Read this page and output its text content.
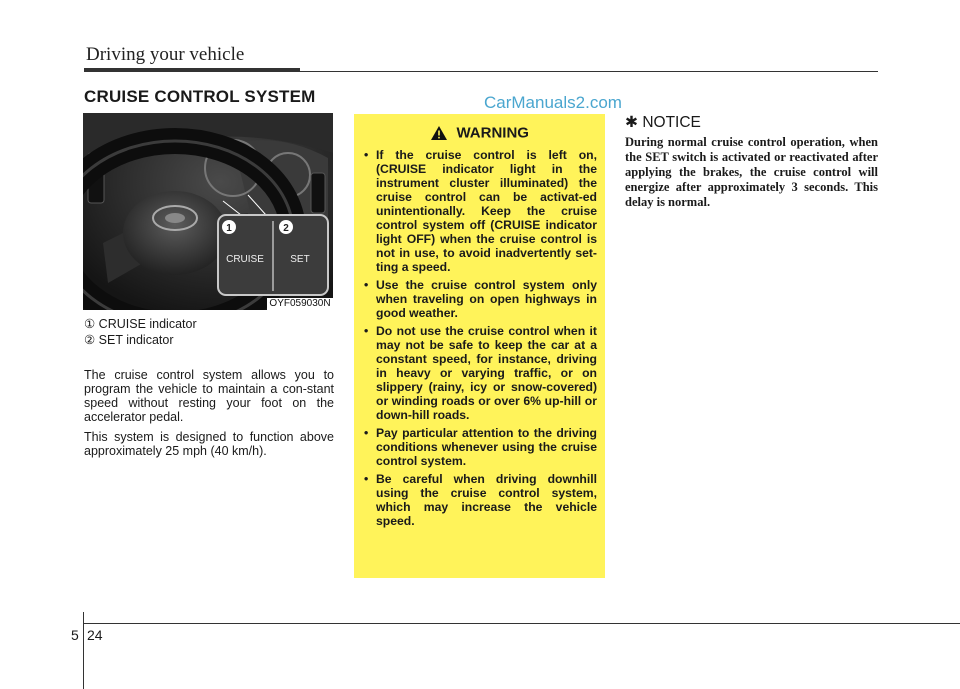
Driving your vehicle
CRUISE CONTROL SYSTEM	CarManuals2.com
1	2
CRUISE	SET
OYF059030N
① CRUISE indicator
② SET indicator
The cruise control system allows you to program the vehicle to maintain a con-stant speed without resting your foot on the accelerator pedal.
This system is designed to function above approximately 25 mph (40 km/h).
WARNING
• If the cruise control is left on, (CRUISE indicator light in the instrument cluster illuminated) the cruise control can be activat-ed unintentionally. Keep the cruise control system off (CRUISE indicator light OFF) when the cruise control is not in use, to avoid inadvertently set-ting a speed.
• Use the cruise control system only when traveling on open highways in good weather.
• Do not use the cruise control when it may not be safe to keep the car at a constant speed, for instance, driving in heavy or varying traffic, or on slippery (rainy, icy or snow-covered) or winding roads or over 6% up-hill or down-hill roads.
• Pay particular attention to the driving conditions whenever using the cruise control system.
• Be careful when driving downhill using the cruise control system, which may increase the vehicle speed.
✱ NOTICE
During normal cruise control operation, when the SET switch is activated or reactivated after applying the brakes, the cruise control will energize after approximately 3 seconds. This delay is normal.
5 24
